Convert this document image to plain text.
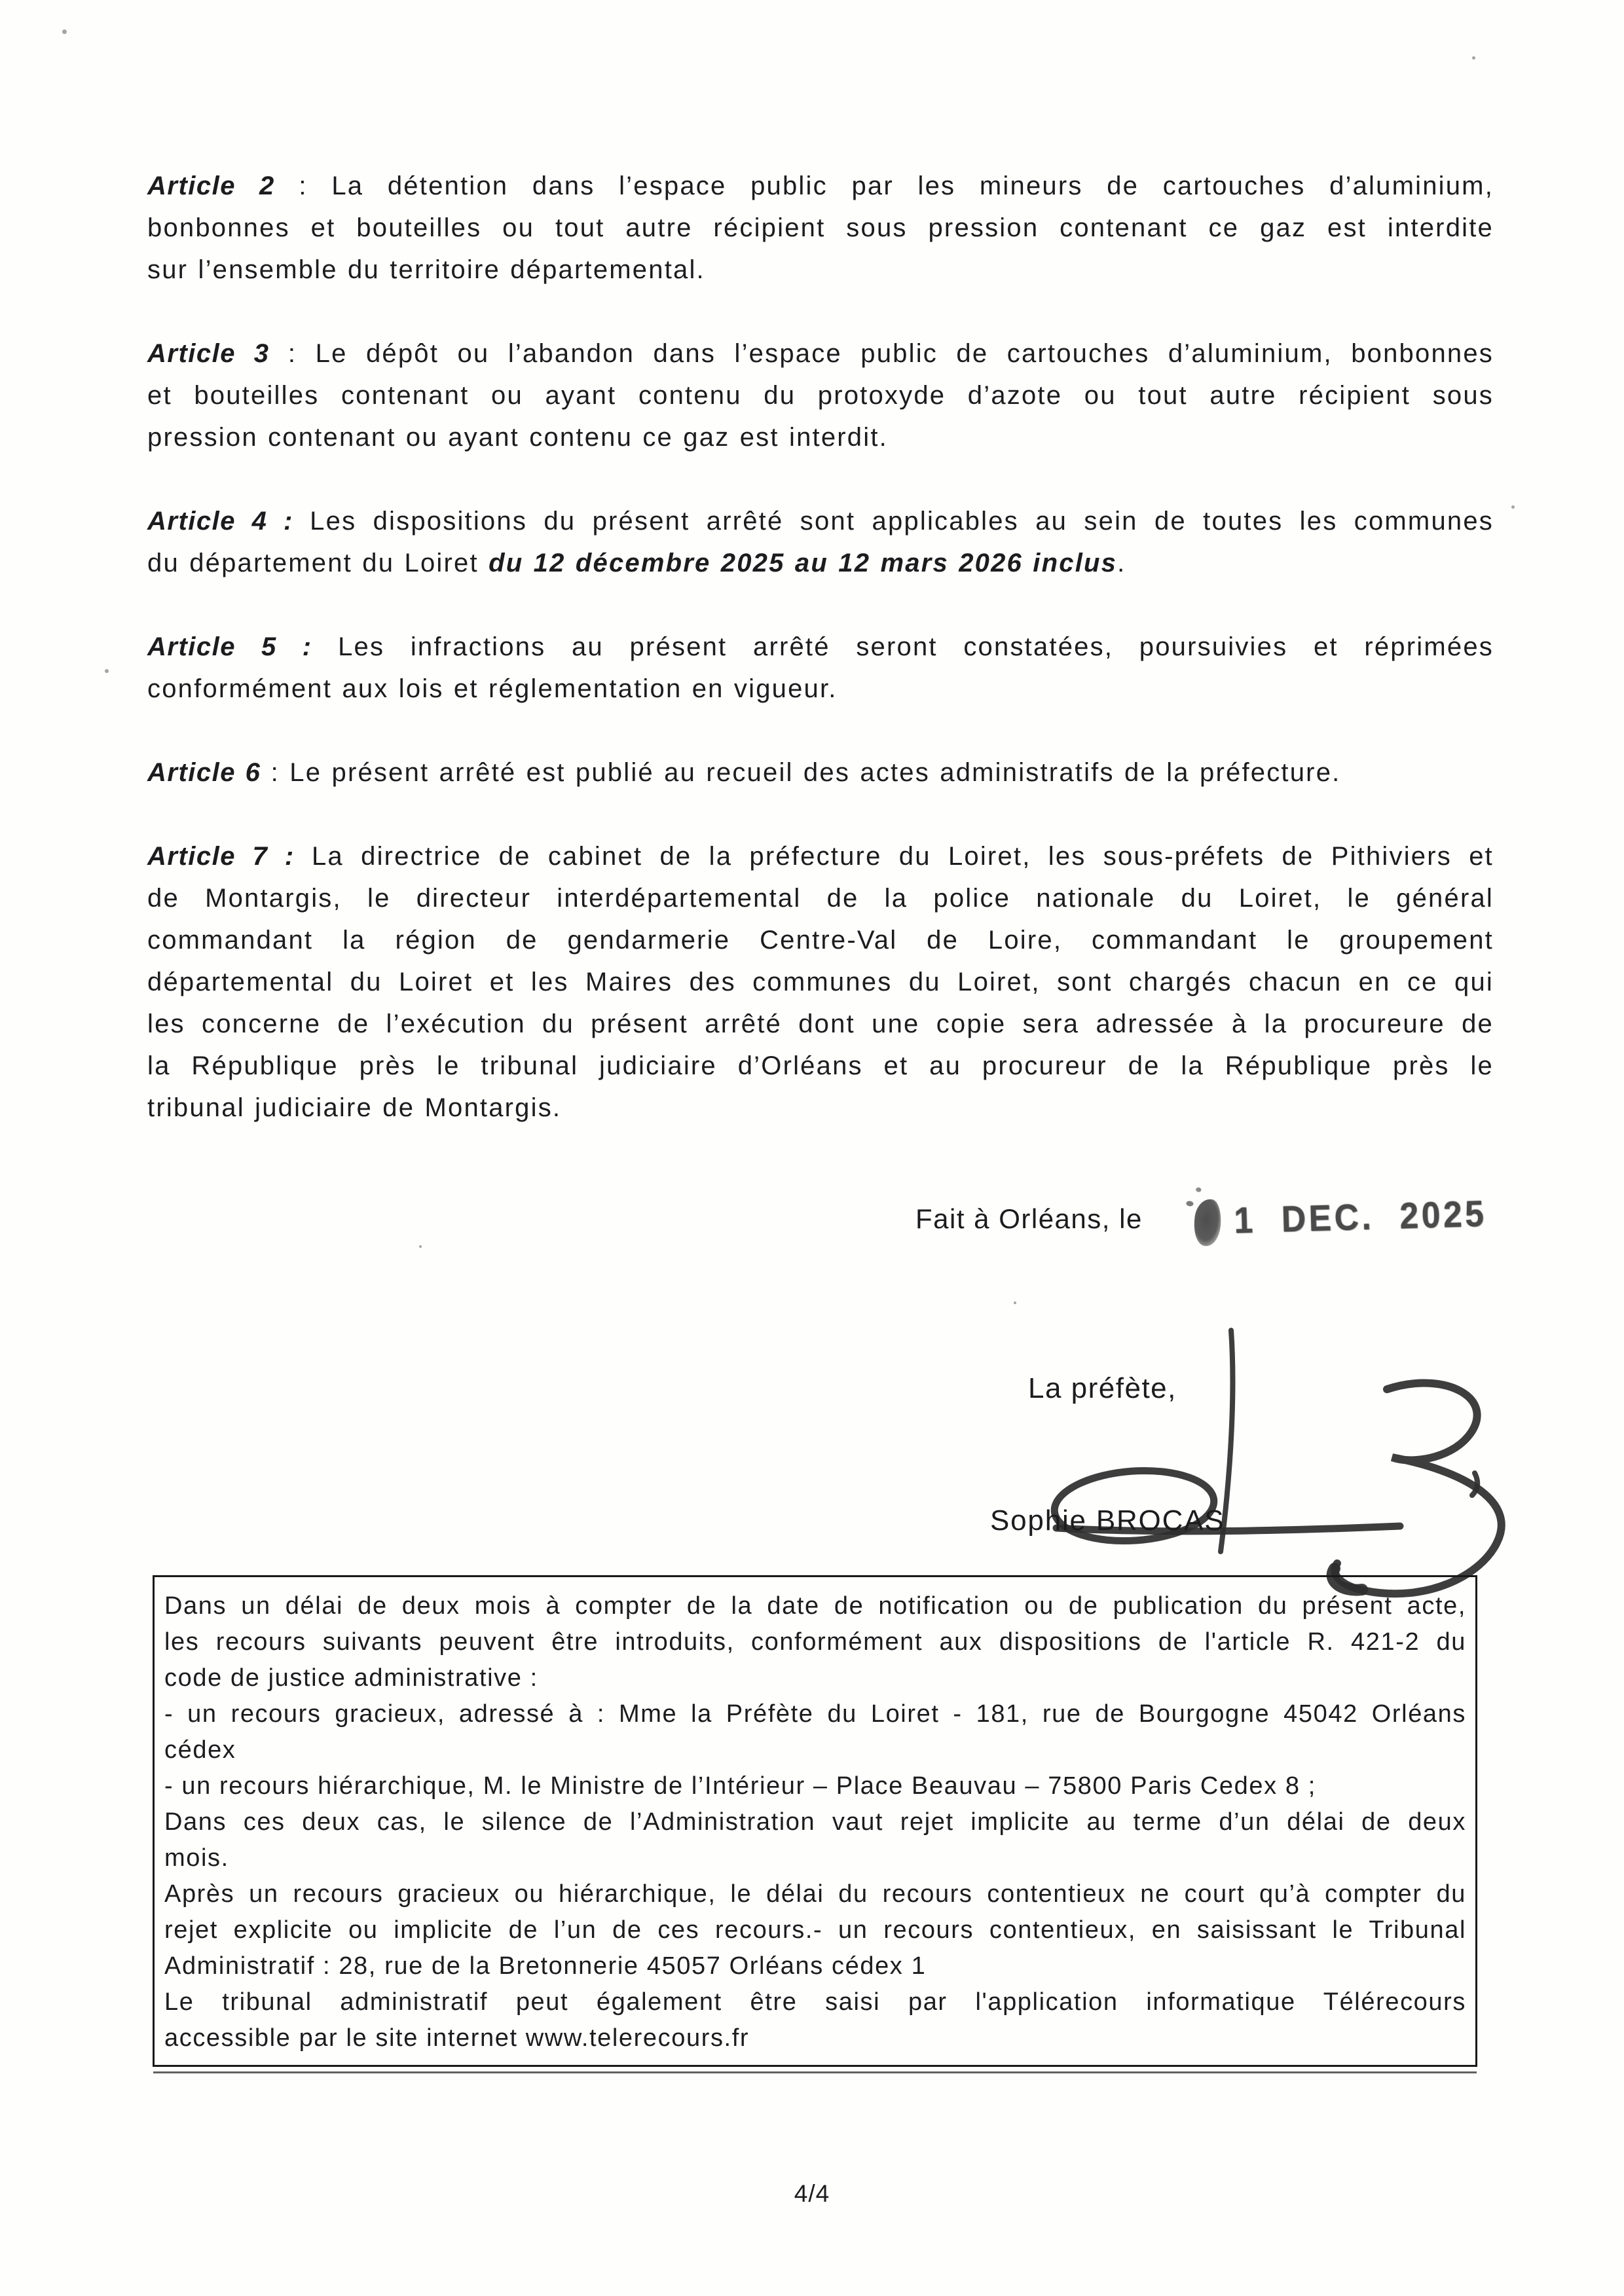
Article 2 : La détention dans l’espace public par les mineurs de cartouches d’aluminium,
bonbonnes et bouteilles ou tout autre récipient sous pression contenant ce gaz est interdite
sur l’ensemble du territoire départemental.
Article 3 : Le dépôt ou l’abandon dans l’espace public de cartouches d’aluminium, bonbonnes
et bouteilles contenant ou ayant contenu du protoxyde d’azote ou tout autre récipient sous
pression contenant ou ayant contenu ce gaz est interdit.
Article 4 : Les dispositions du présent arrêté sont applicables au sein de toutes les communes
du département du Loiret du 12 décembre 2025 au 12 mars 2026 inclus.
Article 5 : Les infractions au présent arrêté seront constatées, poursuivies et réprimées
conformément aux lois et réglementation en vigueur.
Article 6 : Le présent arrêté est publié au recueil des actes administratifs de la préfecture.
Article 7 : La directrice de cabinet de la préfecture du Loiret, les sous-préfets de Pithiviers et
de Montargis, le directeur interdépartemental de la police nationale du Loiret, le général
commandant la région de gendarmerie Centre-Val de Loire, commandant le groupement
départemental du Loiret et les Maires des communes du Loiret, sont chargés chacun en ce qui
les concerne de l’exécution du présent arrêté dont une copie sera adressée à la procureure de
la République près le tribunal judiciaire d’Orléans et au procureur de la République près le
tribunal judiciaire de Montargis.
Fait à Orléans, le	1 DEC. 2025
La préfète,
Sophie BROCAS
Dans un délai de deux mois à compter de la date de notification ou de publication du présent acte,
les recours suivants peuvent être introduits, conformément aux dispositions de l'article R. 421-2 du
code de justice administrative :
- un recours gracieux, adressé à : Mme la Préfète du Loiret - 181, rue de Bourgogne 45042 Orléans
cédex
- un recours hiérarchique, M. le Ministre de l’Intérieur – Place Beauvau – 75800 Paris Cedex 8 ;
Dans ces deux cas, le silence de l’Administration vaut rejet implicite au terme d’un délai de deux
mois.
Après un recours gracieux ou hiérarchique, le délai du recours contentieux ne court qu’à compter du
rejet explicite ou implicite de l’un de ces recours.- un recours contentieux, en saisissant le Tribunal
Administratif : 28, rue de la Bretonnerie 45057 Orléans cédex 1
Le tribunal administratif peut également être saisi par l'application informatique Télérecours
accessible par le site internet www.telerecours.fr
4/4
